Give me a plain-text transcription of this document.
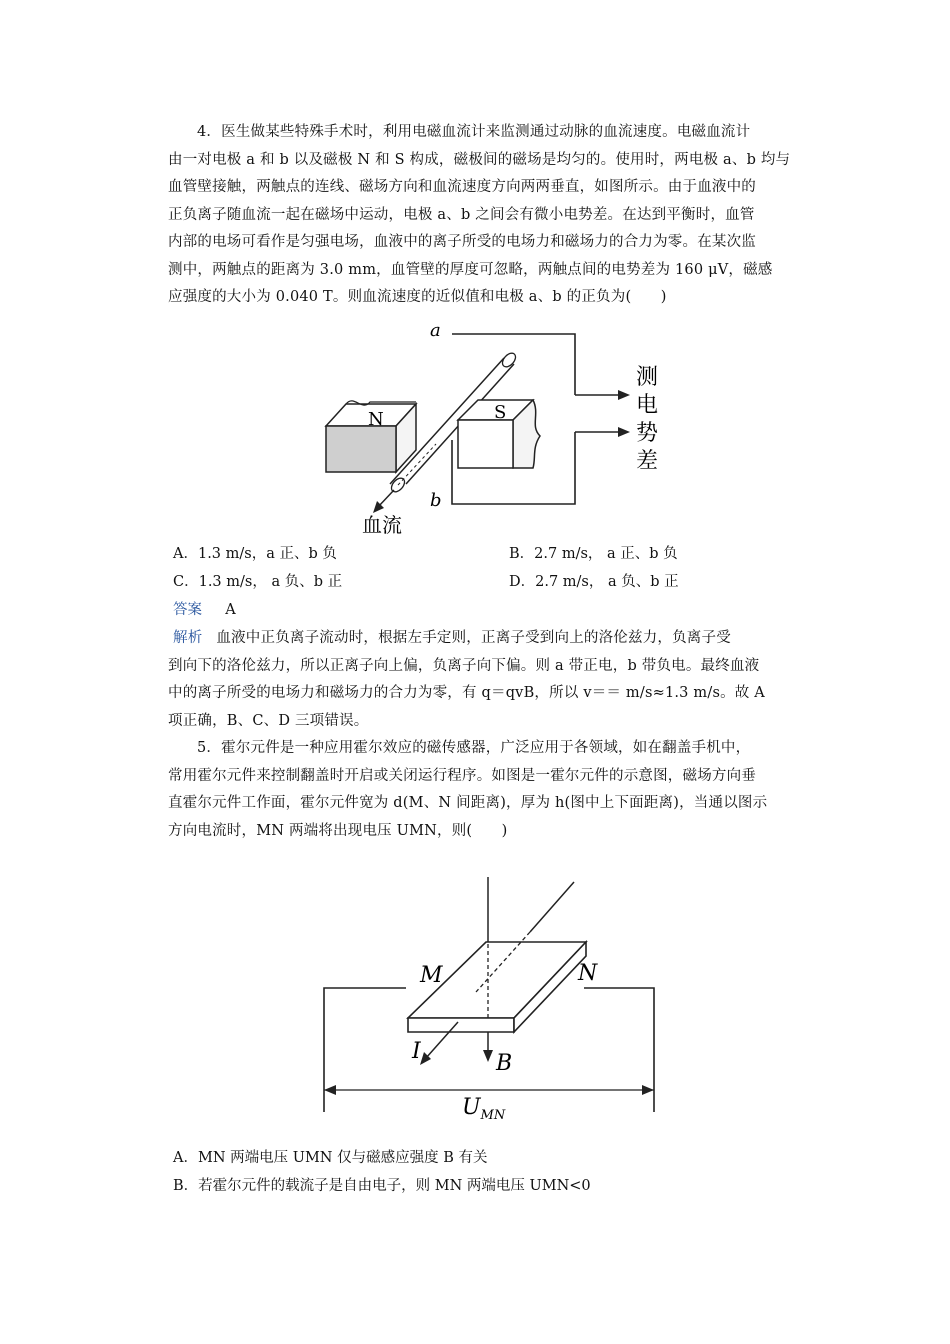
4．医生做某些特殊手术时，利用电磁血流计来监测通过动脉的血流速度。电磁血流计
由一对电极 a 和 b 以及磁极 N 和 S 构成，磁极间的磁场是均匀的。使用时，两电极 a、b 均与
血管壁接触，两触点的连线、磁场方向和血流速度方向两两垂直，如图所示。由于血液中的
正负离子随血流一起在磁场中运动，电极 a、b 之间会有微小电势差。在达到平衡时，血管
内部的电场可看作是匀强电场，血液中的离子所受的电场力和磁场力的合力为零。在某次监
测中，两触点的距离为 3.0 mm，血管壁的厚度可忽略，两触点间的电势差为 160 μV，磁感
应强度的大小为 0.040 T。则血流速度的近似值和电极 a、b 的正负为(　　)
a
b
N	S
血流
测
电
势
差
A．1.3 m/s，a 正、b 负	B．2.7 m/s， a 正、b 负
C．1.3 m/s， a 负、b 正	D．2.7 m/s， a 负、b 正
答案 A
解析 血液中正负离子流动时，根据左手定则，正离子受到向上的洛伦兹力，负离子受
到向下的洛伦兹力，所以正离子向上偏，负离子向下偏。则 a 带正电，b 带负电。最终血液
中的离子所受的电场力和磁场力的合力为零，有 q＝qvB，所以 v＝＝ m/s≈1.3 m/s。故 A
项正确，B、C、D 三项错误。
5．霍尔元件是一种应用霍尔效应的磁传感器，广泛应用于各领域，如在翻盖手机中，
常用霍尔元件来控制翻盖时开启或关闭运行程序。如图是一霍尔元件的示意图，磁场方向垂
直霍尔元件工作面，霍尔元件宽为 d(M、N 间距离)，厚为 h(图中上下面距离)，当通以图示
方向电流时，MN 两端将出现电压 UMN，则(　　)
M	N
I	B
$U_{MN}$
A．MN 两端电压 UMN 仅与磁感应强度 B 有关
B．若霍尔元件的载流子是自由电子，则 MN 两端电压 UMN<0
